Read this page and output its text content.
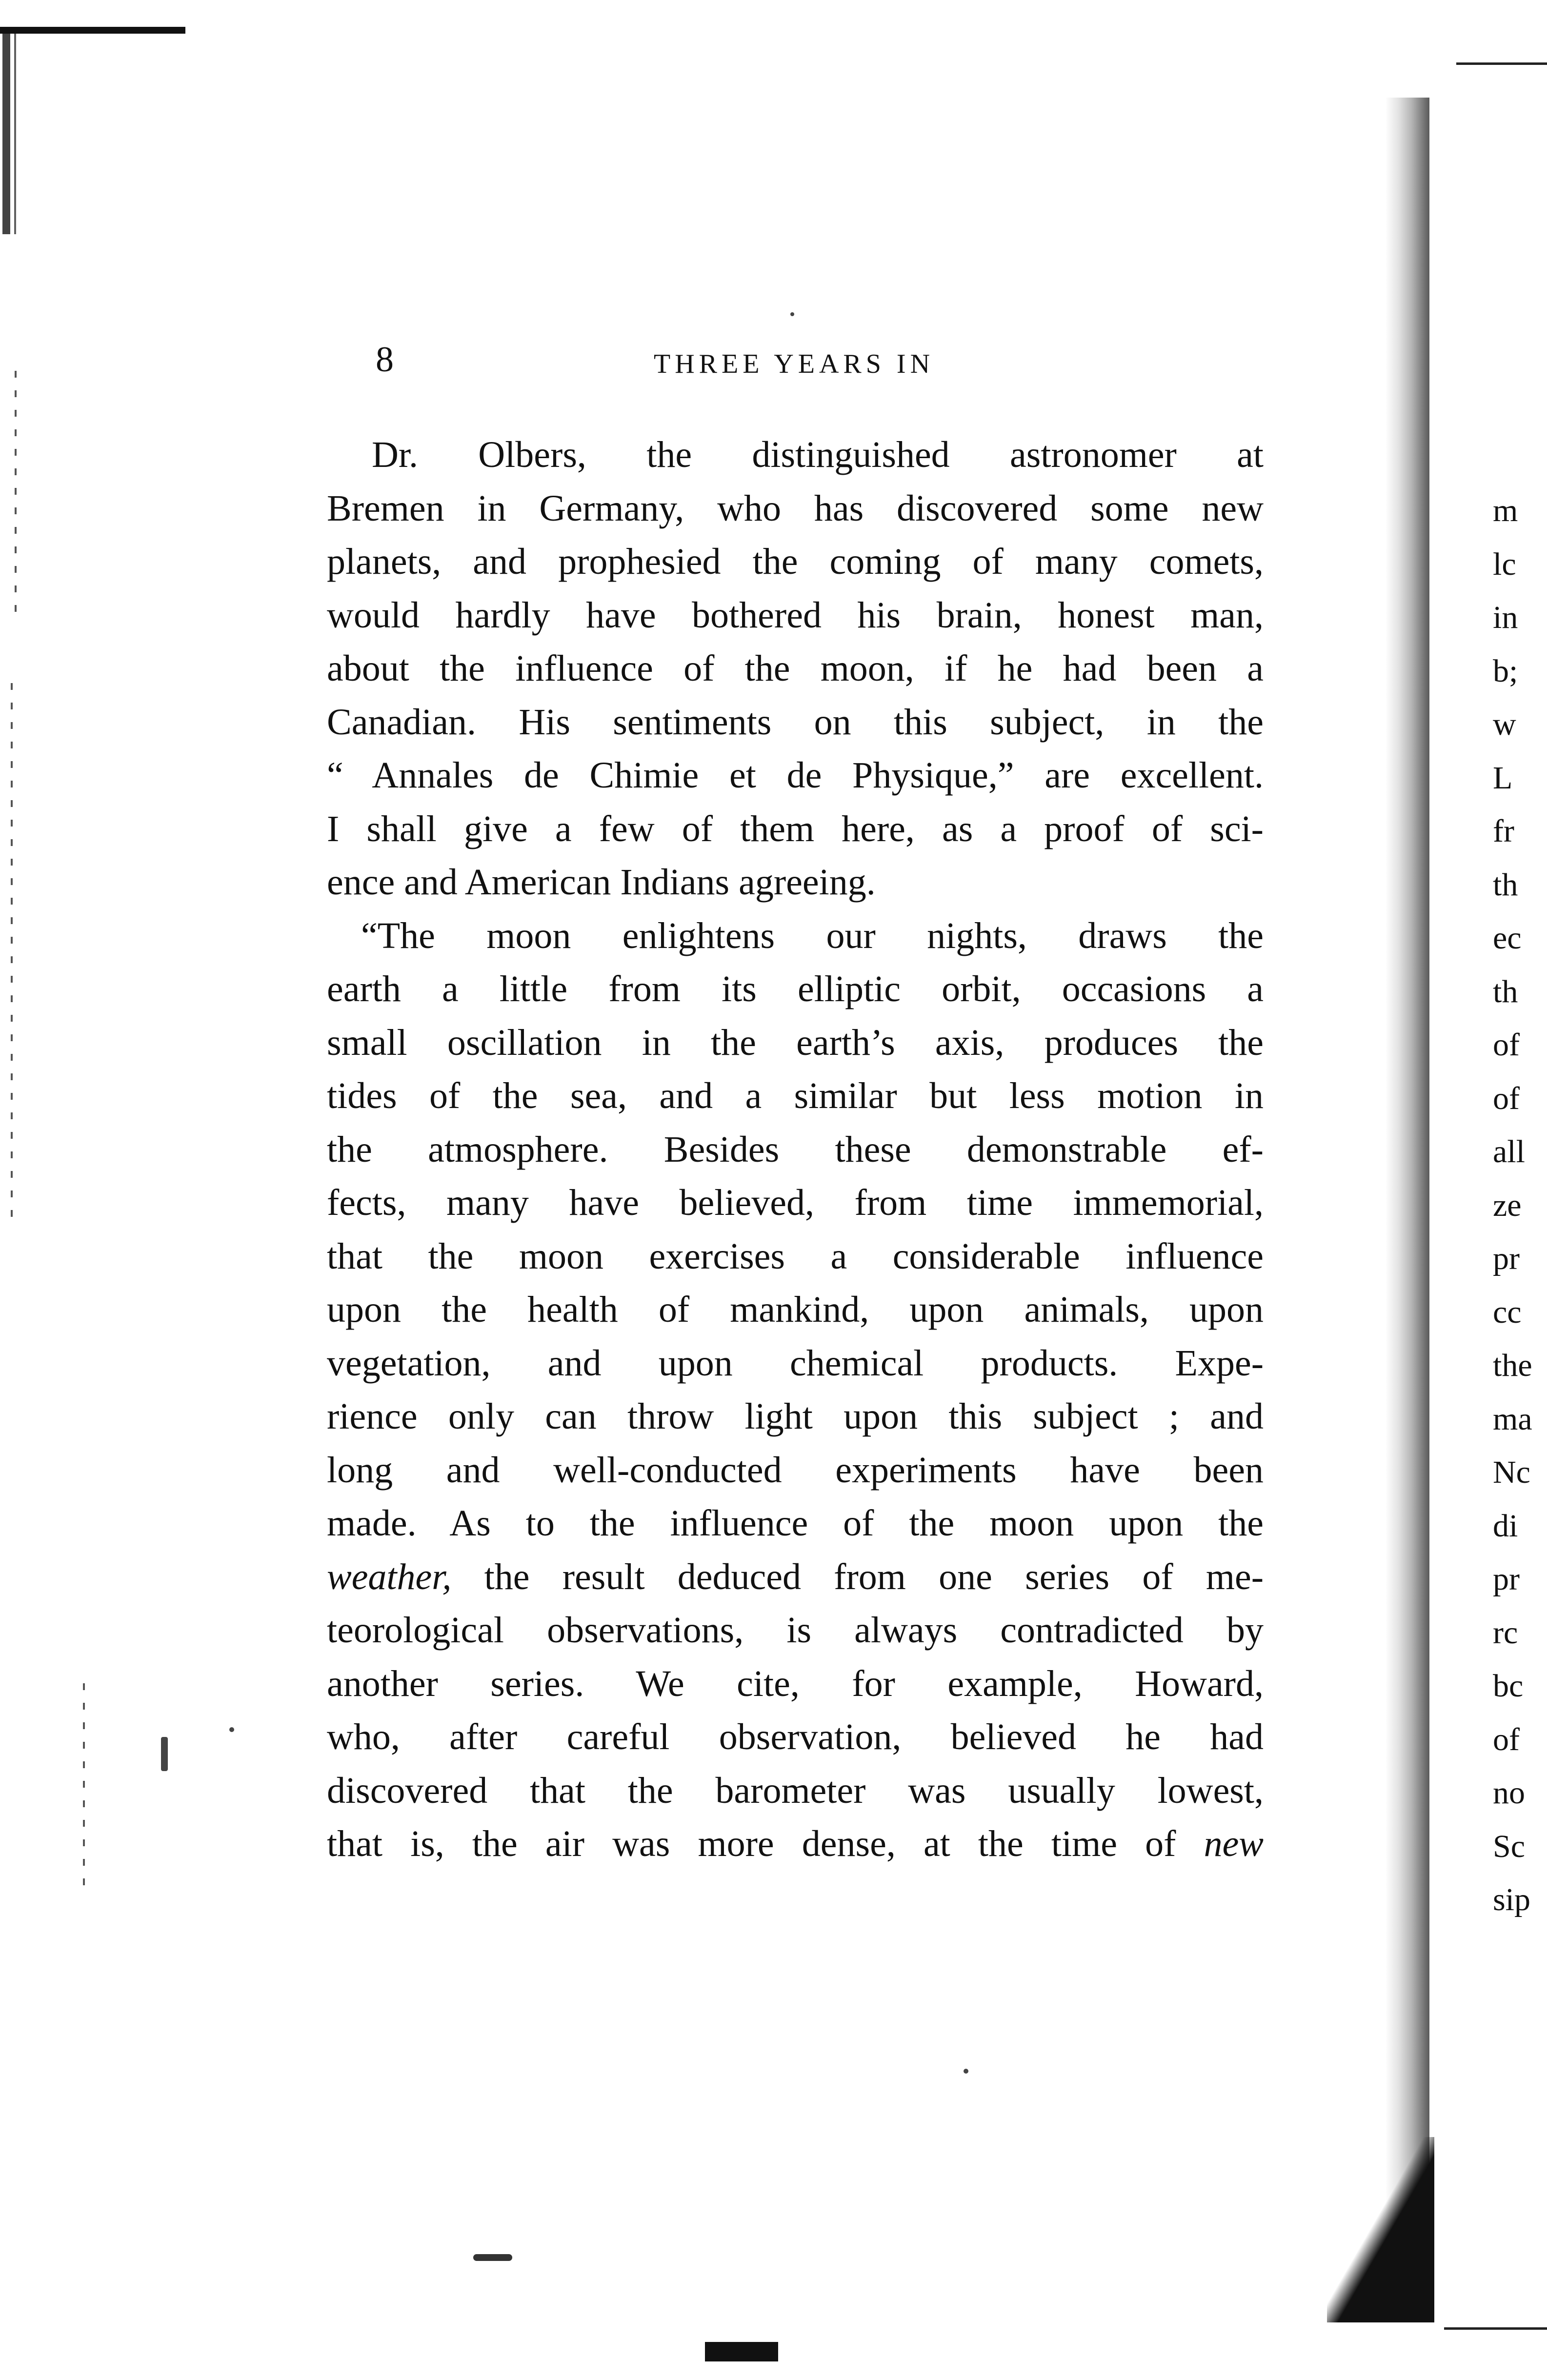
8	THREE YEARS IN
Dr. Olbers, the distinguished astronomer at
Bremen in Germany, who has discovered some new
planets, and prophesied the coming of many comets,
would hardly have bothered his brain, honest man,
about the influence of the moon, if he had been a
Canadian. His sentiments on this subject, in the
“ Annales de Chimie et de Physique,” are excellent.
I shall give a few of them here, as a proof of sci-
ence and American Indians agreeing.
“The moon enlightens our nights, draws the
earth a little from its elliptic orbit, occasions a
small oscillation in the earth’s axis, produces the
tides of the sea, and a similar but less motion in
the atmosphere. Besides these demonstrable ef-
fects, many have believed, from time immemorial,
that the moon exercises a considerable influence
upon the health of mankind, upon animals, upon
vegetation, and upon chemical products. Expe-
rience only can throw light upon this subject ; and
long and well-conducted experiments have been
made. As to the influence of the moon upon the
weather, the result deduced from one series of me-
teorological observations, is always contradicted by
another series. We cite, for example, Howard,
who, after careful observation, believed he had
discovered that the barometer was usually lowest,
that is, the air was more dense, at the time of new
m
lc
in
b;
w
L
fr
th
ec
th
of
of
all
ze
pr
cc
the
ma
Nc
di
pr
rc
bc
of
no
Sc
sip
